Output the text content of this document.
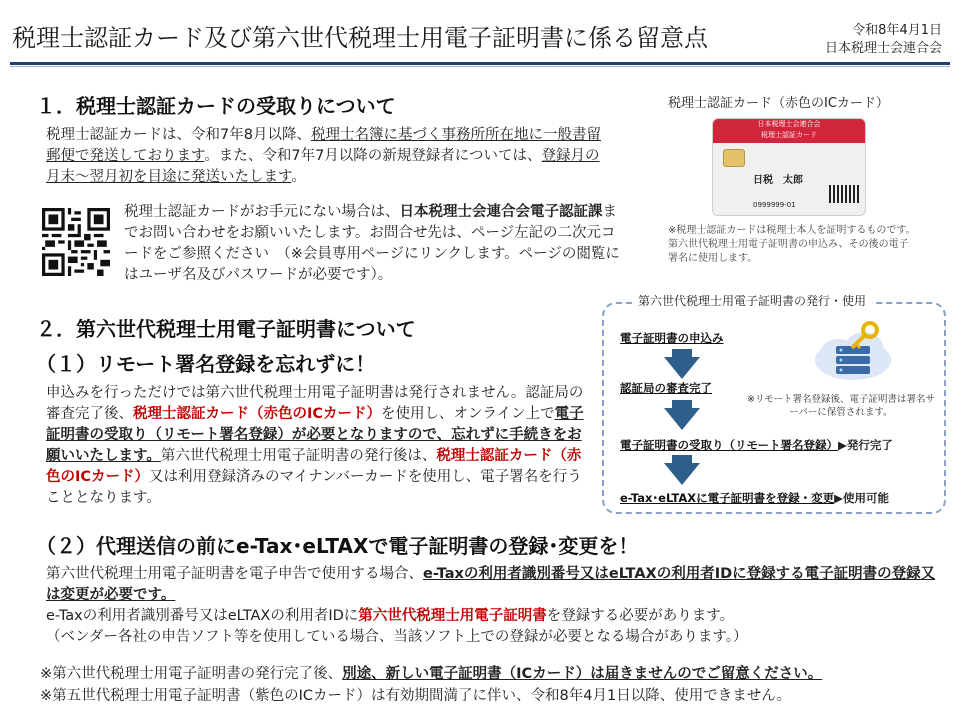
税理士認証カード及び第六世代税理士用電子証明書に係る留意点	令和8年4月1日
日本税理士会連合会
１．税理士認証カードの受取りについて
税理士認証カードは、令和7年8月以降、税理士名簿に基づく事務所所在地に一般書留郵便で発送しております。また、令和7年7月以降の新規登録者については、登録月の月末～翌月初を目途に発送いたします。
税理士認証カードがお手元にない場合は、日本税理士会連合会電子認証課までお問い合わせをお願いいたします。お問合せ先は、ページ左記の二次元コードをご参照ください　（※会員専用ページにリンクします。ページの閲覧にはユーザ名及びパスワードが必要です）。
税理士認証カード（赤色のICカード）
日本税理士会連合会
税理士認証カード
日税　太郎
0999999-01
※税理士認証カードは税理士本人を証明するものです。第六世代税理士用電子証明書の申込み、その後の電子署名に使用します。
２．第六世代税理士用電子証明書について
（１）リモート署名登録を忘れずに！
申込みを行っただけでは第六世代税理士用電子証明書は発行されません。認証局の審査完了後、税理士認証カード（赤色のICカード）を使用し、オンライン上で電子証明書の受取り（リモート署名登録）が必要となりますので、忘れずに手続きをお願いいたします。第六世代税理士用電子証明書の発行後は、税理士認証カード（赤色のICカード）又は利用登録済みのマイナンバーカードを使用し、電子署名を行うこととなります。
第六世代税理士用電子証明書の発行・使用
電子証明書の申込み
認証局の審査完了
電子証明書の受取り（リモート署名登録）▶発行完了
e-Tax･eLTAXに電子証明書を登録・変更▶使用可能
※リモート署名登録後、電子証明書は署名サーバーに保管されます。
（２）代理送信の前にe-Tax･eLTAXで電子証明書の登録･変更を！
第六世代税理士用電子証明書を電子申告で使用する場合、e-Taxの利用者識別番号又はeLTAXの利用者IDに登録する電子証明書の登録又は変更が必要です。
e-Taxの利用者識別番号又はeLTAXの利用者IDに第六世代税理士用電子証明書を登録する必要があります。
（ベンダー各社の申告ソフト等を使用している場合、当該ソフト上での登録が必要となる場合があります。）
※第六世代税理士用電子証明書の発行完了後、別途、新しい電子証明書（ICカード）は届きませんのでご留意ください。
※第五世代税理士用電子証明書（紫色のICカード）は有効期間満了に伴い、令和8年4月1日以降、使用できません。
